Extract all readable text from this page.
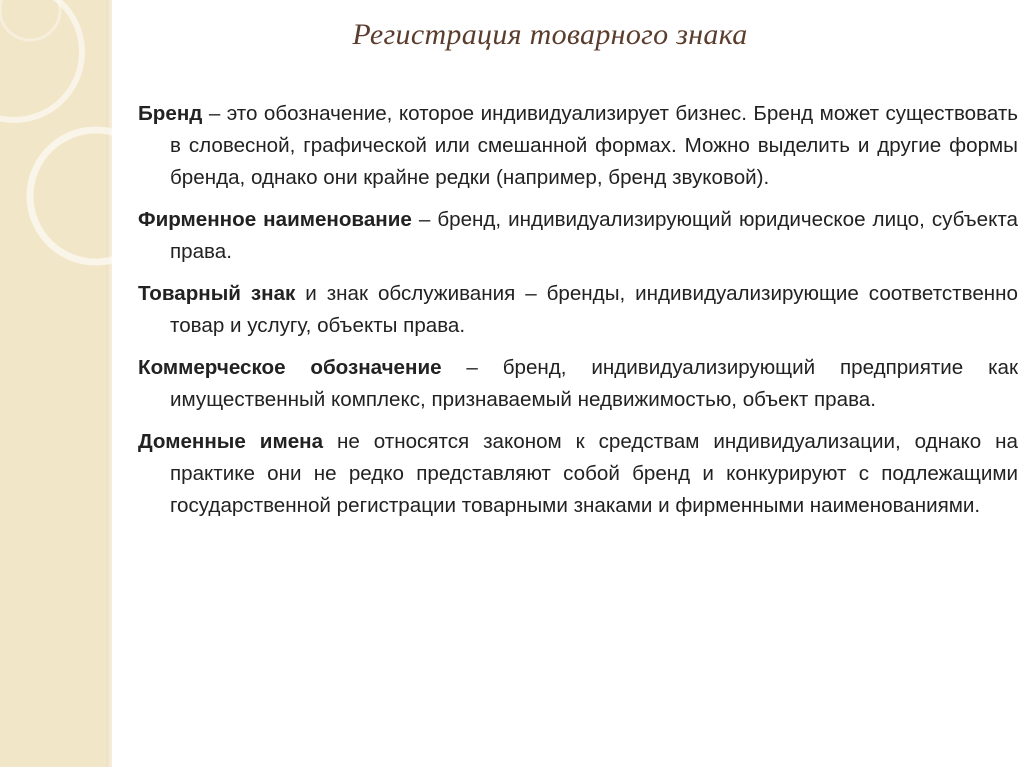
Регистрация товарного знака

Бренд – это обозначение, которое индивидуализирует бизнес. Бренд может существовать в словесной, графической или смешанной формах. Можно выделить и другие формы бренда, однако они крайне редки (например, бренд звуковой).

Фирменное наименование – бренд, индивидуализирующий юридическое лицо, субъекта права.

Товарный знак и знак обслуживания – бренды, индивидуализирующие соответственно товар и услугу, объекты права.

Коммерческое обозначение – бренд, индивидуализирующий предприятие как имущественный комплекс, признаваемый недвижимостью, объект права.

Доменные имена не относятся законом к средствам индивидуализации, однако на практике они не редко представляют собой бренд и конкурируют с подлежащими государственной регистрации товарными знаками и фирменными наименованиями.
